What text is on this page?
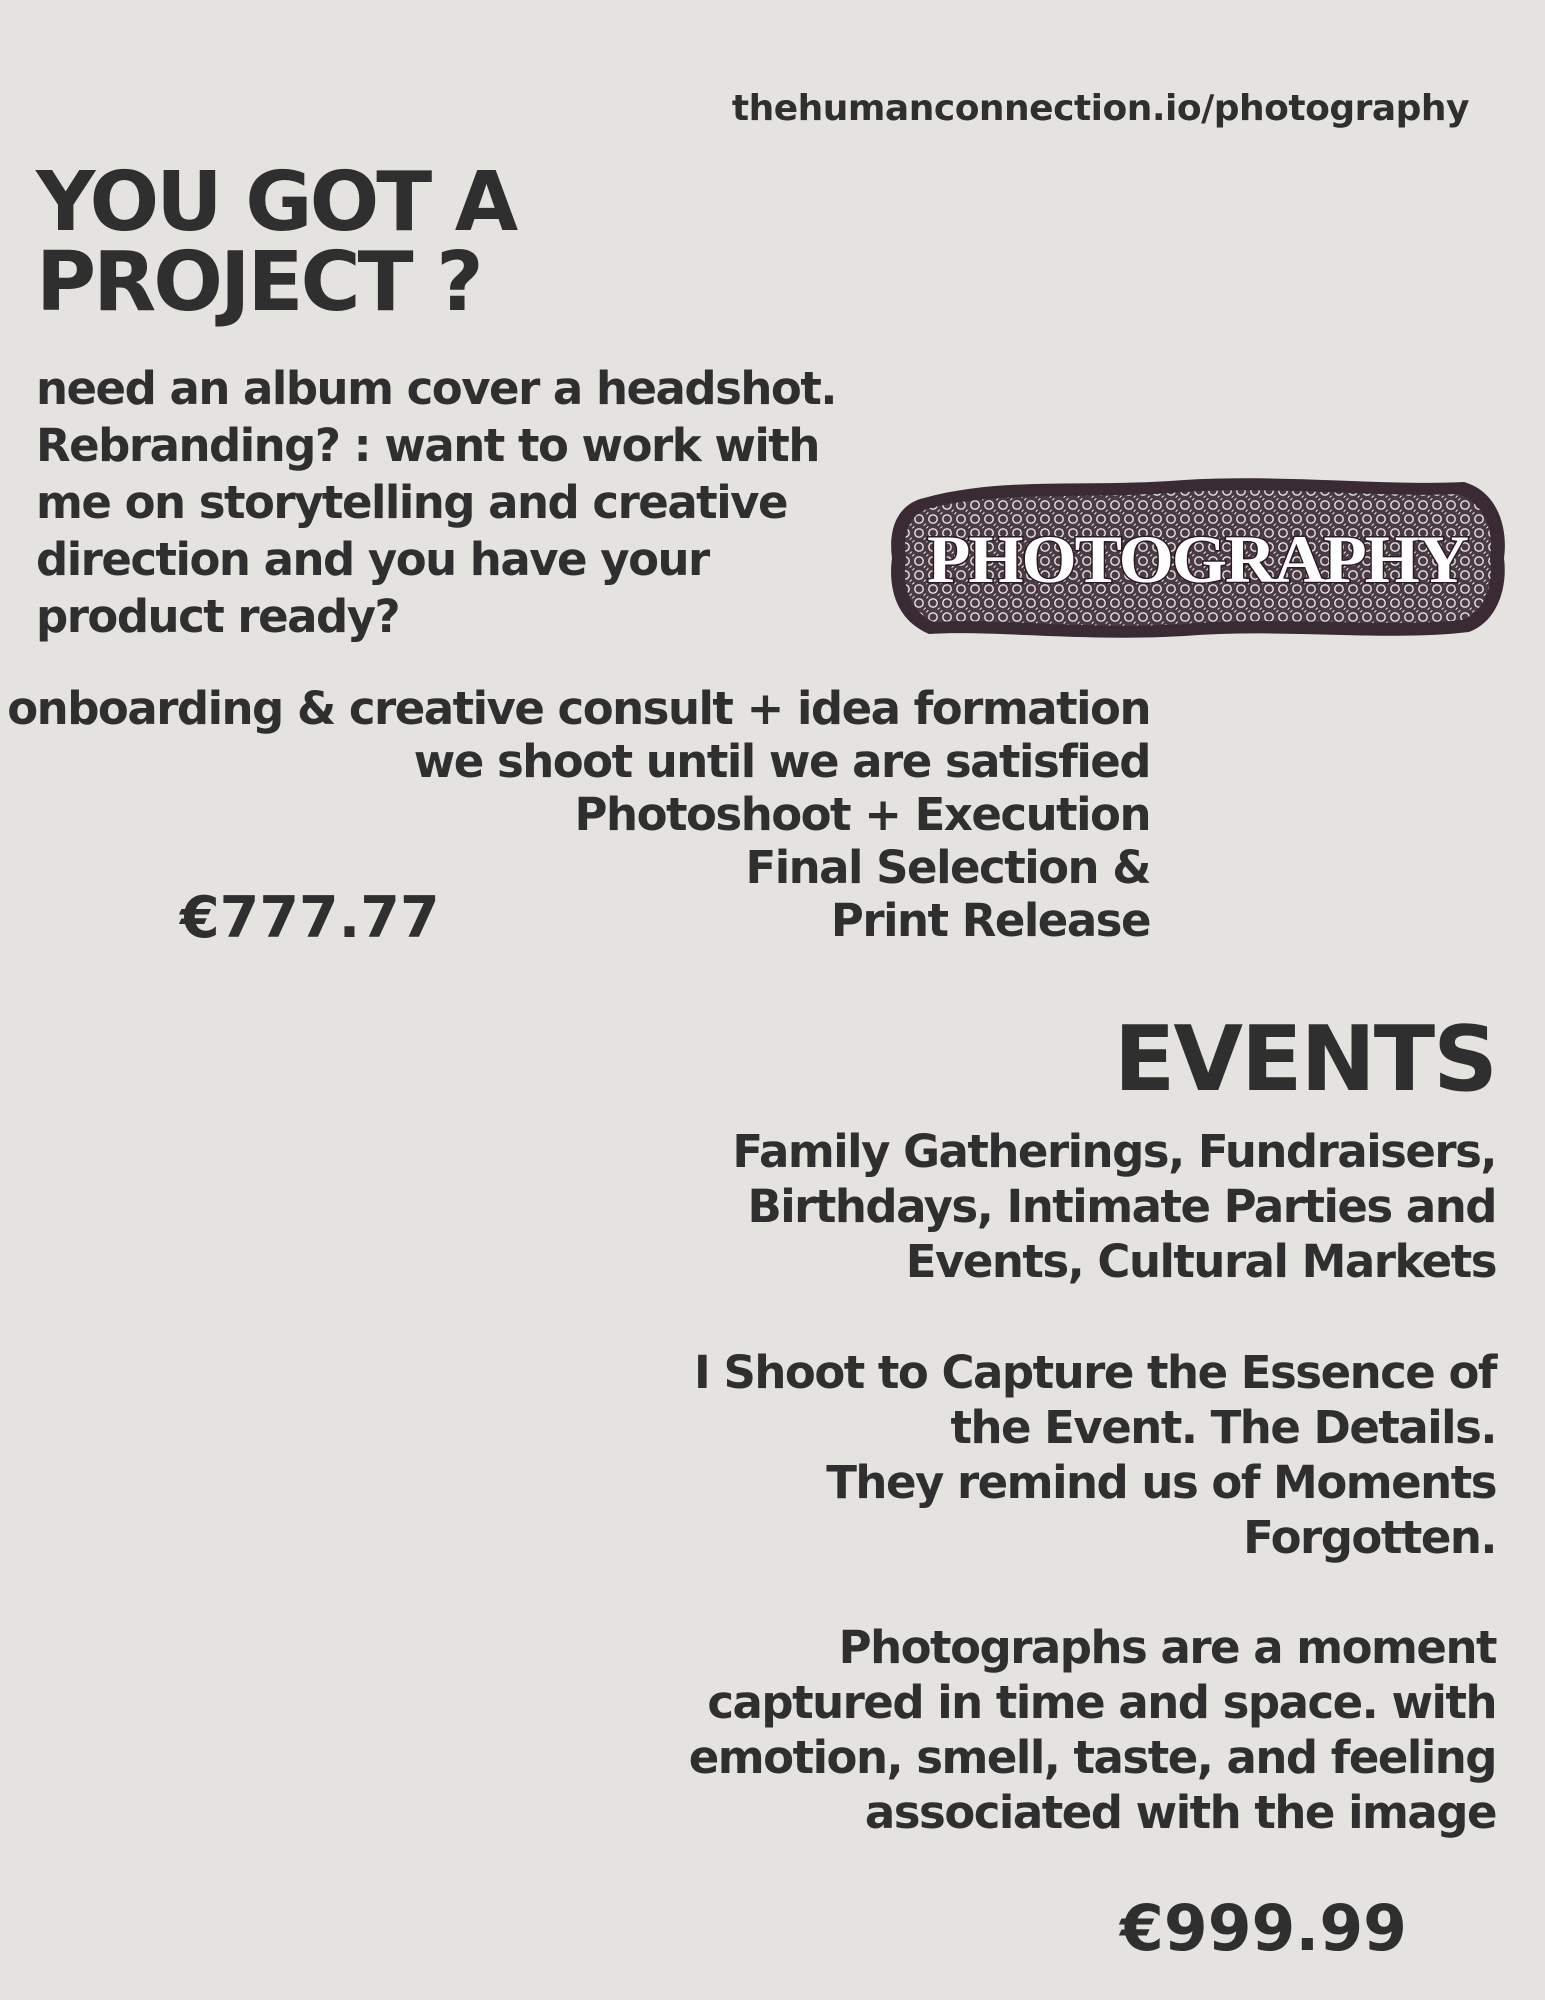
thehumanconnection.io/photography
YOU GOT A
PROJECT ?
need an album cover a headshot.
Rebranding? : want to work with
me on storytelling and creative
direction and you have your
product ready?
PHOTOGRAPHY
onboarding & creative consult + idea formation
we shoot until we are satisfied
Photoshoot + Execution
Final Selection &
Print Release
€777.77
EVENTS
Family Gatherings, Fundraisers,
Birthdays, Intimate Parties and
Events, Cultural Markets
I Shoot to Capture the Essence of
the Event. The Details.
They remind us of Moments
Forgotten.
Photographs are a moment
captured in time and space. with
emotion, smell, taste, and feeling
associated with the image
€999.99
